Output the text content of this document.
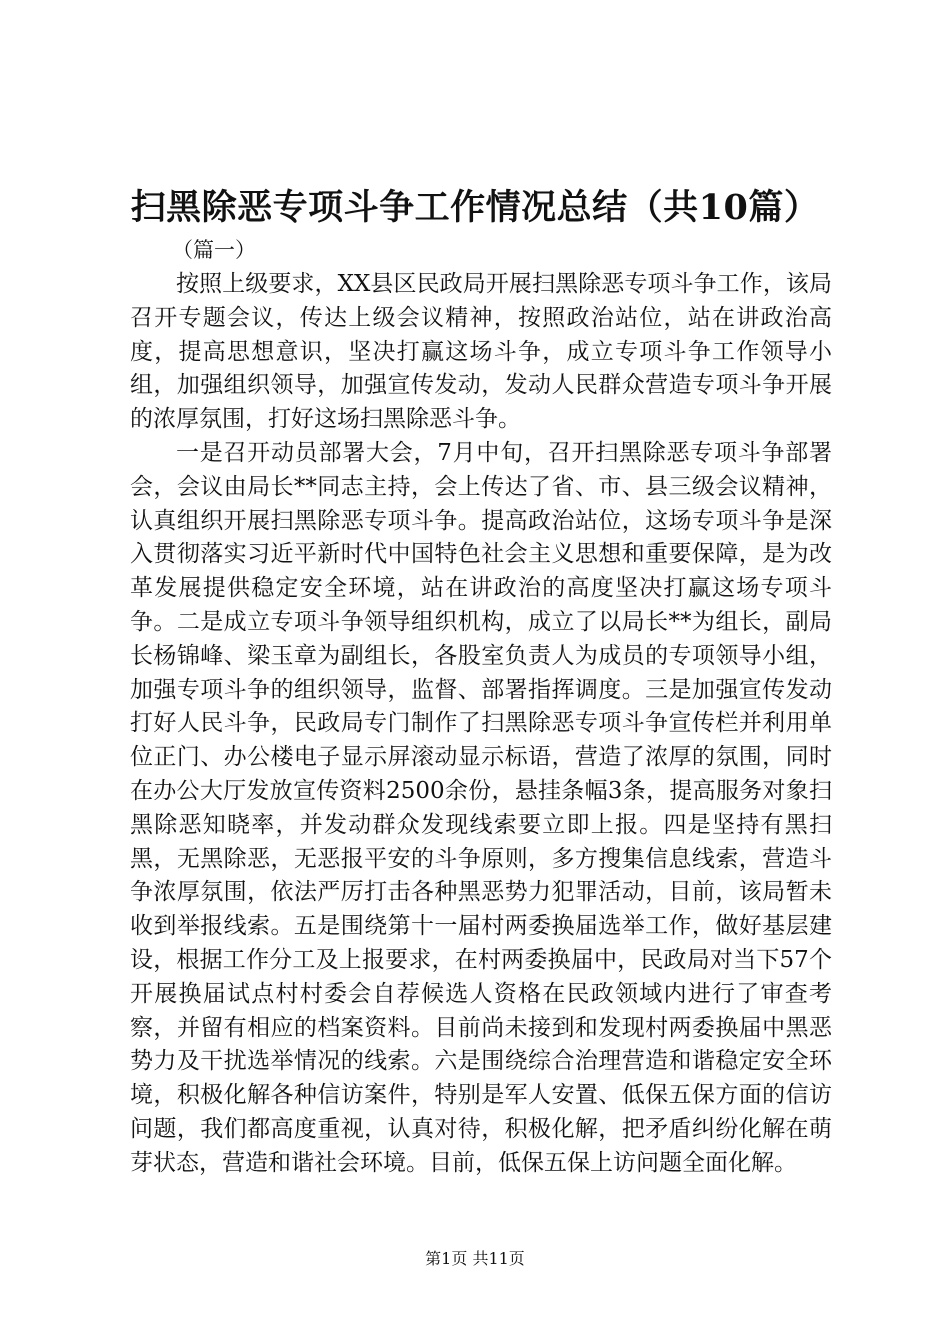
扫黑除恶专项斗争工作情况总结（共10篇）
（篇一）

按照上级要求，XX县区民政局开展扫黑除恶专项斗争工作，该局召开专题会议，传达上级会议精神，按照政治站位，站在讲政治高度，提高思想意识，坚决打赢这场斗争，成立专项斗争工作领导小组，加强组织领导，加强宣传发动，发动人民群众营造专项斗争开展的浓厚氛围，打好这场扫黑除恶斗争。

一是召开动员部署大会，7月中旬，召开扫黑除恶专项斗争部署会，会议由局长**同志主持，会上传达了省、市、县三级会议精神，认真组织开展扫黑除恶专项斗争。提高政治站位，这场专项斗争是深入贯彻落实习近平新时代中国特色社会主义思想和重要保障，是为改革发展提供稳定安全环境，站在讲政治的高度坚决打赢这场专项斗争。二是成立专项斗争领导组织机构，成立了以局长**为组长，副局长杨锦峰、梁玉章为副组长，各股室负责人为成员的专项领导小组，加强专项斗争的组织领导，监督、部署指挥调度。三是加强宣传发动打好人民斗争，民政局专门制作了扫黑除恶专项斗争宣传栏并利用单位正门、办公楼电子显示屏滚动显示标语，营造了浓厚的氛围，同时在办公大厅发放宣传资料2500余份，悬挂条幅3条，提高服务对象扫黑除恶知晓率，并发动群众发现线索要立即上报。四是坚持有黑扫黑，无黑除恶，无恶报平安的斗争原则，多方搜集信息线索，营造斗争浓厚氛围，依法严厉打击各种黑恶势力犯罪活动，目前，该局暂未收到举报线索。五是围绕第十一届村两委换届选举工作，做好基层建设，根据工作分工及上报要求，在村两委换届中，民政局对当下57个开展换届试点村村委会自荐候选人资格在民政领域内进行了审查考察，并留有相应的档案资料。目前尚未接到和发现村两委换届中黑恶势力及干扰选举情况的线索。六是围绕综合治理营造和谐稳定安全环境，积极化解各种信访案件，特别是军人安置、低保五保方面的信访问题，我们都高度重视，认真对待，积极化解，把矛盾纠纷化解在萌芽状态，营造和谐社会环境。目前，低保五保上访问题全面化解。

第1页 共11页
